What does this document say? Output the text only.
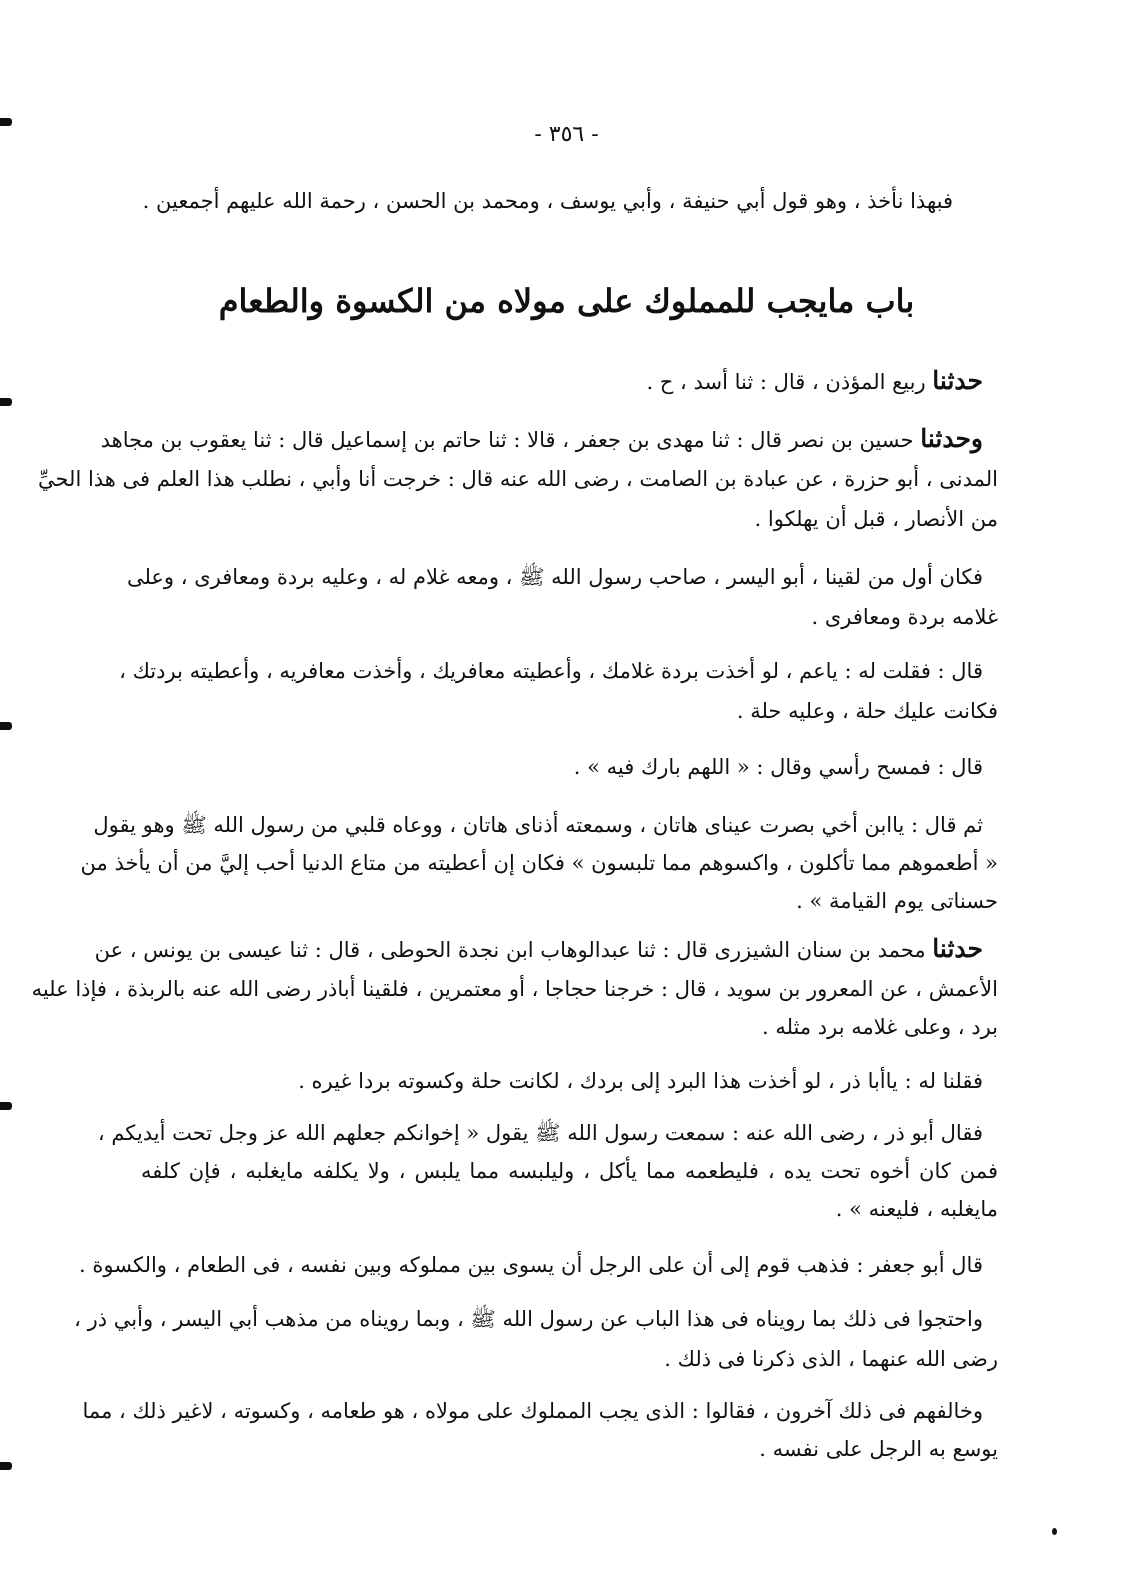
- ٣٥٦ -
فبهذا نأخذ ، وهو قول أبي حنيفة ، وأبي يوسف ، ومحمد بن الحسن ، رحمة الله عليهم أجمعين .
باب مايجب للمملوك على مولاه من الكسوة والطعام
حدثنا ربيع المؤذن ، قال : ثنا أسد ، ح .
وحدثنا حسين بن نصر قال : ثنا مهدى بن جعفر ، قالا : ثنا حاتم بن إسماعيل قال : ثنا يعقوب بن مجاهد
المدنى ، أبو حزرة ، عن عبادة بن الصامت ، رضى الله عنه قال : خرجت أنا وأبي ، نطلب هذا العلم فى هذا الحيِّ
من الأنصار ، قبل أن يهلكوا .
فكان أول من لقينا ، أبو اليسر ، صاحب رسول الله ﷺ ، ومعه غلام له ، وعليه بردة ومعافرى ، وعلى
غلامه بردة ومعافرى .
قال : فقلت له : ياعم ، لو أخذت بردة غلامك ، وأعطيته معافريك ، وأخذت معافريه ، وأعطيته بردتك ،
فكانت عليك حلة ، وعليه حلة .
قال : فمسح رأسي وقال : « اللهم بارك فيه » .
ثم قال : ياابن أخي بصرت عيناى هاتان ، وسمعته أذناى هاتان ، ووعاه قلبي من رسول الله ﷺ وهو يقول
« أطعموهم مما تأكلون ، واكسوهم مما تلبسون » فكان إن أعطيته من متاع الدنيا أحب إليَّ من أن يأخذ من
حسناتى يوم القيامة » .
حدثنا محمد بن سنان الشيزرى قال : ثنا عبدالوهاب ابن نجدة الحوطى ، قال : ثنا عيسى بن يونس ، عن
الأعمش ، عن المعرور بن سويد ، قال : خرجنا حجاجا ، أو معتمرين ، فلقينا أباذر رضى الله عنه بالربذة ، فإذا عليه
برد ، وعلى غلامه برد مثله .
فقلنا له : ياأبا ذر ، لو أخذت هذا البرد إلى بردك ، لكانت حلة وكسوته بردا غيره .
فقال أبو ذر ، رضى الله عنه : سمعت رسول الله ﷺ يقول « إخوانكم جعلهم الله عز وجل تحت أيديكم ،
فمن كان أخوه تحت يده ، فليطعمه مما يأكل ، وليلبسه مما يلبس ، ولا يكلفه مايغلبه ، فإن كلفه
مايغلبه ، فليعنه » .
قال أبو جعفر : فذهب قوم إلى أن على الرجل أن يسوى بين مملوكه وبين نفسه ، فى الطعام ، والكسوة .
واحتجوا فى ذلك بما رويناه فى هذا الباب عن رسول الله ﷺ ، وبما رويناه من مذهب أبي اليسر ، وأبي ذر ،
رضى الله عنهما ، الذى ذكرنا فى ذلك .
وخالفهم فى ذلك آخرون ، فقالوا : الذى يجب المملوك على مولاه ، هو طعامه ، وكسوته ، لاغير ذلك ، مما
يوسع به الرجل على نفسه .
